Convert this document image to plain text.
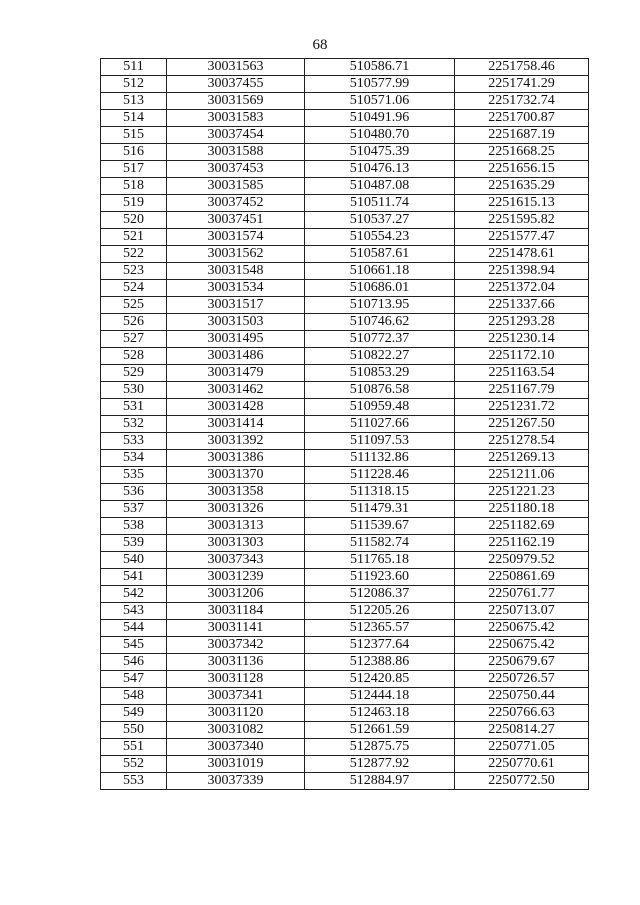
68
511	30031563	510586.71	2251758.46
512	30037455	510577.99	2251741.29
513	30031569	510571.06	2251732.74
514	30031583	510491.96	2251700.87
515	30037454	510480.70	2251687.19
516	30031588	510475.39	2251668.25
517	30037453	510476.13	2251656.15
518	30031585	510487.08	2251635.29
519	30037452	510511.74	2251615.13
520	30037451	510537.27	2251595.82
521	30031574	510554.23	2251577.47
522	30031562	510587.61	2251478.61
523	30031548	510661.18	2251398.94
524	30031534	510686.01	2251372.04
525	30031517	510713.95	2251337.66
526	30031503	510746.62	2251293.28
527	30031495	510772.37	2251230.14
528	30031486	510822.27	2251172.10
529	30031479	510853.29	2251163.54
530	30031462	510876.58	2251167.79
531	30031428	510959.48	2251231.72
532	30031414	511027.66	2251267.50
533	30031392	511097.53	2251278.54
534	30031386	511132.86	2251269.13
535	30031370	511228.46	2251211.06
536	30031358	511318.15	2251221.23
537	30031326	511479.31	2251180.18
538	30031313	511539.67	2251182.69
539	30031303	511582.74	2251162.19
540	30037343	511765.18	2250979.52
541	30031239	511923.60	2250861.69
542	30031206	512086.37	2250761.77
543	30031184	512205.26	2250713.07
544	30031141	512365.57	2250675.42
545	30037342	512377.64	2250675.42
546	30031136	512388.86	2250679.67
547	30031128	512420.85	2250726.57
548	30037341	512444.18	2250750.44
549	30031120	512463.18	2250766.63
550	30031082	512661.59	2250814.27
551	30037340	512875.75	2250771.05
552	30031019	512877.92	2250770.61
553	30037339	512884.97	2250772.50
